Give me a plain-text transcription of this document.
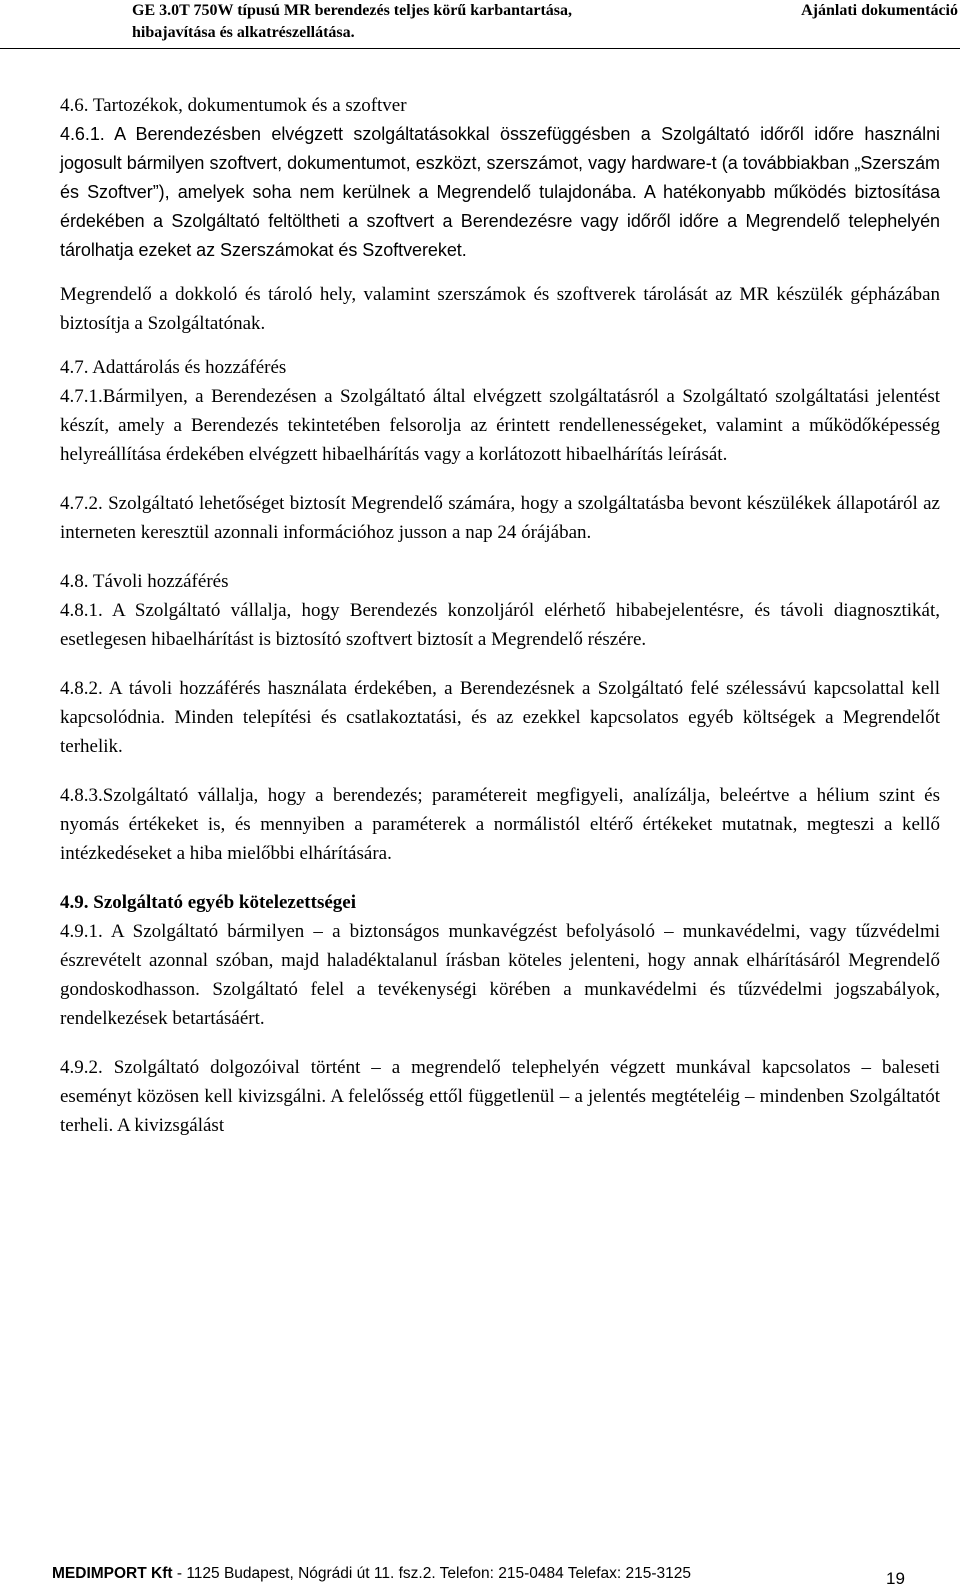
GE 3.0T 750W típusú MR berendezés teljes körű karbantartása,
hibajavítása és alkatrészellátása.
Ajánlati dokumentáció
4.6. Tartozékok, dokumentumok és a szoftver

4.6.1. A Berendezésben elvégzett szolgáltatásokkal összefüggésben a Szolgáltató időről időre használni jogosult bármilyen szoftvert, dokumentumot, eszközt, szerszámot, vagy hardware-t (a továbbiakban „Szerszám és Szoftver”), amelyek soha nem kerülnek a Megrendelő tulajdonába. A hatékonyabb működés biztosítása érdekében a Szolgáltató feltöltheti a szoftvert a Berendezésre vagy időről időre a Megrendelő telephelyén tárolhatja ezeket az Szerszámokat és Szoftvereket.

Megrendelő a dokkoló és tároló hely, valamint szerszámok és szoftverek tárolását az MR készülék gépházában biztosítja a Szolgáltatónak.

4.7. Adattárolás és hozzáférés

4.7.1.Bármilyen, a Berendezésen a Szolgáltató által elvégzett szolgáltatásról a Szolgáltató szolgáltatási jelentést készít, amely a Berendezés tekintetében felsorolja az érintett rendellenességeket, valamint a működőképesség helyreállítása érdekében elvégzett hibaelhárítás vagy a korlátozott hibaelhárítás leírását.

4.7.2. Szolgáltató lehetőséget biztosít Megrendelő számára, hogy a szolgáltatásba bevont készülékek állapotáról az interneten keresztül azonnali információhoz jusson a nap 24 órájában.

4.8. Távoli hozzáférés

4.8.1. A Szolgáltató vállalja, hogy Berendezés konzoljáról elérhető hibabejelentésre, és távoli diagnosztikát, esetlegesen hibaelhárítást is biztosító szoftvert biztosít a Megrendelő részére.

4.8.2. A távoli hozzáférés használata érdekében, a Berendezésnek a Szolgáltató felé szélessávú kapcsolattal kell kapcsolódnia. Minden telepítési és csatlakoztatási, és az ezekkel kapcsolatos egyéb költségek a Megrendelőt terhelik.

4.8.3.Szolgáltató vállalja, hogy a berendezés; paramétereit megfigyeli, analízálja, beleértve a hélium szint és nyomás értékeket is, és mennyiben a paraméterek a normálistól eltérő értékeket mutatnak, megteszi a kellő intézkedéseket a hiba mielőbbi elhárítására.

4.9. Szolgáltató egyéb kötelezettségei

4.9.1. A Szolgáltató bármilyen – a biztonságos munkavégzést befolyásoló – munkavédelmi, vagy tűzvédelmi észrevételt azonnal szóban, majd haladéktalanul írásban köteles jelenteni, hogy annak elhárításáról Megrendelő gondoskodhasson. Szolgáltató felel a tevékenységi körében a munkavédelmi és tűzvédelmi jogszabályok, rendelkezések betartásáért.

4.9.2. Szolgáltató dolgozóival történt – a megrendelő telephelyén végzett munkával kapcsolatos – baleseti eseményt közösen kell kivizsgálni. A felelősség ettől függetlenül – a jelentés megtételéig – mindenben Szolgáltatót terheli. A kivizsgálást

MEDIMPORT Kft - 1125 Budapest, Nógrádi út 11. fsz.2. Telefon: 215-0484 Telefax: 215-3125	19
